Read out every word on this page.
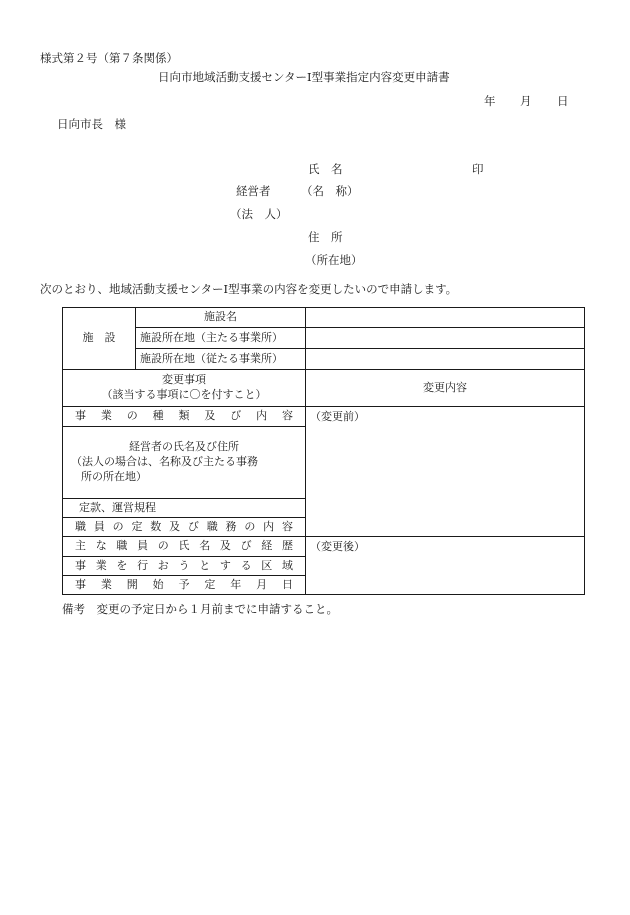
様式第２号（第７条関係）
日向市地域活動支援センターⅠ型事業指定内容変更申請書
年 月 日
日向市長　様
氏　名	印
経営者	（名　称）
（法　人）
住　所
（所在地）
次のとおり、地域活動支援センターⅠ型事業の内容を変更したいので申請します。
施　設	施設名	
	施設所在地（主たる事業所）	
	施設所在地（従たる事業所）	

変更事項
（該当する事項に〇を付すこと）		変更内容
事業の種類及び内容		（変更前）

経営者の氏名及び住所
（法人の場合は、名称及び主たる事務
所の所在地）		

定款、運営規程		
職員の定数及び職務の内容		
主な職員の氏名及び経歴		（変更後）
事業を行おうとする区域		
事業開始予定年月日		
備考　変更の予定日から１月前までに申請すること。
